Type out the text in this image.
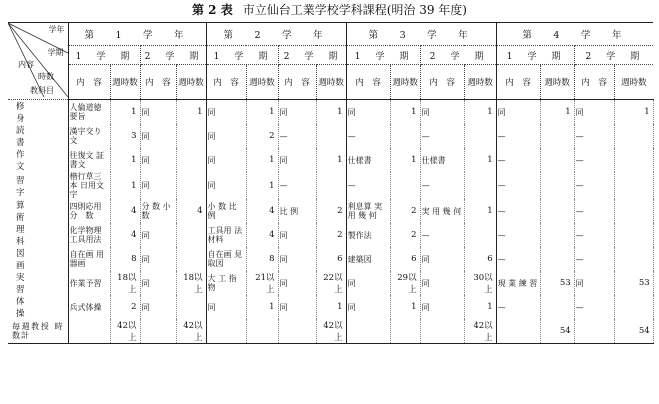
第 2 表 市立仙台工業学校学科課程(明治 39 年度)
学年
学期
内容
時数
教科目	第　1　学　年				第　2　学　年				第　3　学　年				第　4　学　年			
	1　学　期		2　学　期		1　学　期		2　学　期		1　学　期		2　学　期		1　学　期		2　学　期	
	内　容	週時数	内　容	週時数	内　容	週時数	内　容	週時数	内　容	週時数	内　容	週時数	内　容	週時数	内　容	週時数
修身	人倫道徳 要旨	1	同	1	同	1	同	1	同	1	同	1	同	1	同	1
読書	漢字交り文	3	同		同	2	—		—		—		—		—	
作文	往復文 証書文	1	同		同	1	同	1	仕様書	1	仕様書	1	—		—	
習字	楷行草三本 日用文字	1	同		同	1	—		—		—		—		—	
算術	四則応用 分　数	4	分 数 小 数	4	小 数 比 例	4	比 例	2	利息算 実 用 幾 何	2	実 用 幾 何	1	—		—	
理科	化学物理 工具用法	4	同		工具用 法材料	4	同	2	製作法	2	—		—		—	
図画	自在画 用器画	8	同		自在画 見取図	8	同	6	建築図	6	同	6	—		—	
実習	作業予習	18以上	同	18以上	大 工 指 物	21以上	同	22以上	同	29以上	同	30以上	現 業 練 習	53	同	53
体操	兵式体操	2	同		同	1	同	1	同	1	同	1	—		—	
毎週教授 時数計		42以上		42以上				42以上				42以上		54		54
